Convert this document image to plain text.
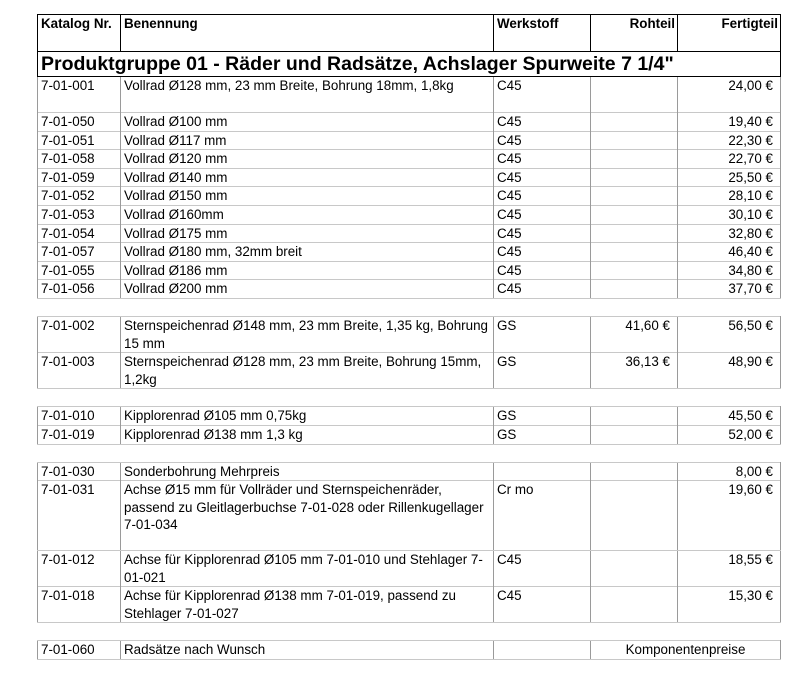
Katalog Nr.	Benennung	Werkstoff	Rohteil	Fertigteil
Produktgruppe 01 - Räder und Radsätze, Achslager Spurweite 7 1/4"				
7-01-001	Vollrad Ø128 mm, 23 mm Breite, Bohrung 18mm, 1,8kg	C45		24,00 €
7-01-050	Vollrad Ø100 mm	C45		19,40 €
7-01-051	Vollrad Ø117 mm	C45		22,30 €
7-01-058	Vollrad Ø120 mm	C45		22,70 €
7-01-059	Vollrad Ø140 mm	C45		25,50 €
7-01-052	Vollrad Ø150 mm	C45		28,10 €
7-01-053	Vollrad Ø160mm	C45		30,10 €
7-01-054	Vollrad Ø175 mm	C45		32,80 €
7-01-057	Vollrad Ø180 mm, 32mm breit	C45		46,40 €
7-01-055	Vollrad Ø186 mm	C45		34,80 €
7-01-056	Vollrad Ø200 mm	C45		37,70 €

7-01-002	Sternspeichenrad Ø148 mm, 23 mm Breite, 1,35 kg, Bohrung 15 mm	GS	41,60 €	56,50 €
7-01-003	Sternspeichenrad Ø128 mm, 23 mm Breite, Bohrung 15mm, 1,2kg	GS	36,13 €	48,90 €

7-01-010	Kipplorenrad Ø105 mm 0,75kg	GS		45,50 €
7-01-019	Kipplorenrad Ø138 mm 1,3 kg	GS		52,00 €

7-01-030	Sonderbohrung Mehrpreis			8,00 €
7-01-031	Achse Ø15 mm für Vollräder und Sternspeichenräder, passend zu Gleitlagerbuchse 7-01-028 oder Rillenkugellager 7-01-034	Cr mo		19,60 €
7-01-012	Achse für Kipplorenrad Ø105 mm 7-01-010 und Stehlager 7-01-021	C45		18,55 €
7-01-018	Achse für Kipplorenrad Ø138 mm 7-01-019, passend zu Stehlager 7-01-027	C45		15,30 €

7-01-060	Radsätze nach Wunsch		Komponentenpreise	
